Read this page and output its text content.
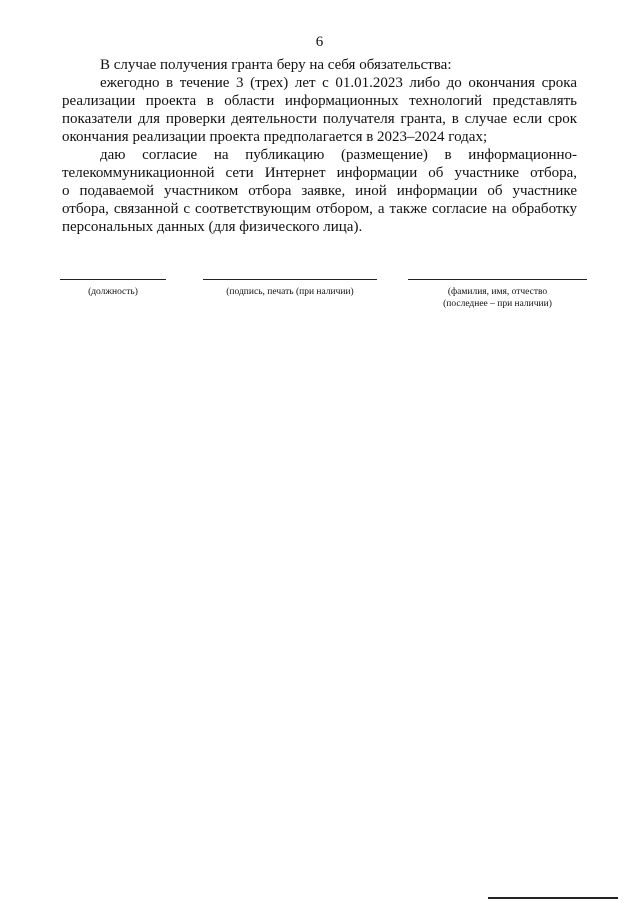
6

В случае получения гранта беру на себя обязательства:

ежегодно в течение 3 (трех) лет с 01.01.2023 либо до окончания срока
реализации проекта в области информационных технологий представлять
показатели для проверки деятельности получателя гранта, в случае если срок
окончания реализации проекта предполагается в 2023–2024 годах;

даю согласие на публикацию (размещение) в информационно-
телекоммуникационной сети Интернет информации об участнике отбора,
о подаваемой участником отбора заявке, иной информации об участнике
отбора, связанной с соответствующим отбором, а также согласие на обработку
персональных данных (для физического лица).

(должность)	(подпись, печать (при наличии)	(фамилия, имя, отчество
(последнее – при наличии)
